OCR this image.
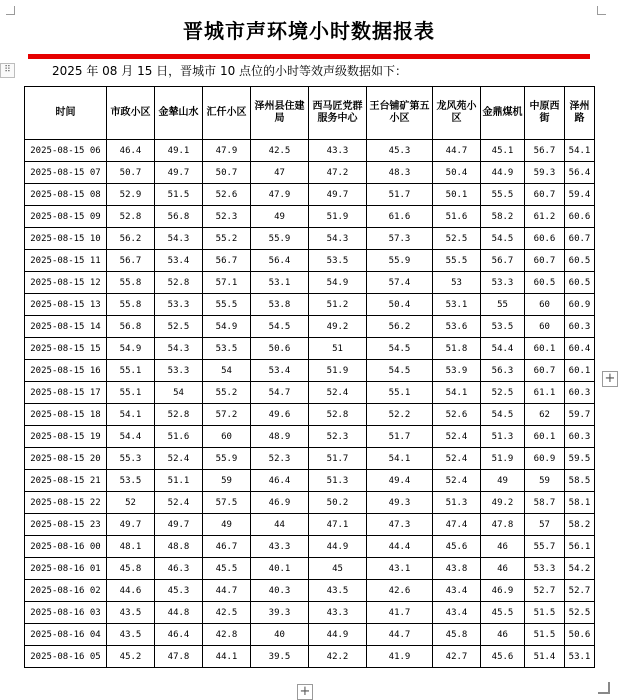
晋城市声环境小时数据报表
⠿	2025 年 08 月 15 日，晋城市 10 点位的小时等效声级数据如下：
时间	市政小区	金辇山水	汇仟小区	泽州县住建局	西马匠党群服务中心	王台铺矿第五小区	龙风苑小区	金鼎煤机	中原西街	泽州路
2025-08-15 06	46.4	49.1	47.9	42.5	43.3	45.3	44.7	45.1	56.7	54.1
2025-08-15 07	50.7	49.7	50.7	47	47.2	48.3	50.4	44.9	59.3	56.4
2025-08-15 08	52.9	51.5	52.6	47.9	49.7	51.7	50.1	55.5	60.7	59.4
2025-08-15 09	52.8	56.8	52.3	49	51.9	61.6	51.6	58.2	61.2	60.6
2025-08-15 10	56.2	54.3	55.2	55.9	54.3	57.3	52.5	54.5	60.6	60.7
2025-08-15 11	56.7	53.4	56.7	56.4	53.5	55.9	55.5	56.7	60.7	60.5
2025-08-15 12	55.8	52.8	57.1	53.1	54.9	57.4	53	53.3	60.5	60.5
2025-08-15 13	55.8	53.3	55.5	53.8	51.2	50.4	53.1	55	60	60.9
2025-08-15 14	56.8	52.5	54.9	54.5	49.2	56.2	53.6	53.5	60	60.3
2025-08-15 15	54.9	54.3	53.5	50.6	51	54.5	51.8	54.4	60.1	60.4
2025-08-15 16	55.1	53.3	54	53.4	51.9	54.5	53.9	56.3	60.7	60.1
2025-08-15 17	55.1	54	55.2	54.7	52.4	55.1	54.1	52.5	61.1	60.3
2025-08-15 18	54.1	52.8	57.2	49.6	52.8	52.2	52.6	54.5	62	59.7
2025-08-15 19	54.4	51.6	60	48.9	52.3	51.7	52.4	51.3	60.1	60.3
2025-08-15 20	55.3	52.4	55.9	52.3	51.7	54.1	52.4	51.9	60.9	59.5
2025-08-15 21	53.5	51.1	59	46.4	51.3	49.4	52.4	49	59	58.5
2025-08-15 22	52	52.4	57.5	46.9	50.2	49.3	51.3	49.2	58.7	58.1
2025-08-15 23	49.7	49.7	49	44	47.1	47.3	47.4	47.8	57	58.2
2025-08-16 00	48.1	48.8	46.7	43.3	44.9	44.4	45.6	46	55.7	56.1
2025-08-16 01	45.8	46.3	45.5	40.1	45	43.1	43.8	46	53.3	54.2
2025-08-16 02	44.6	45.3	44.7	40.3	43.5	42.6	43.4	46.9	52.7	52.7
2025-08-16 03	43.5	44.8	42.5	39.3	43.3	41.7	43.4	45.5	51.5	52.5
2025-08-16 04	43.5	46.4	42.8	40	44.9	44.7	45.8	46	51.5	50.6
2025-08-16 05	45.2	47.8	44.1	39.5	42.2	41.9	42.7	45.6	51.4	53.1
+
+
